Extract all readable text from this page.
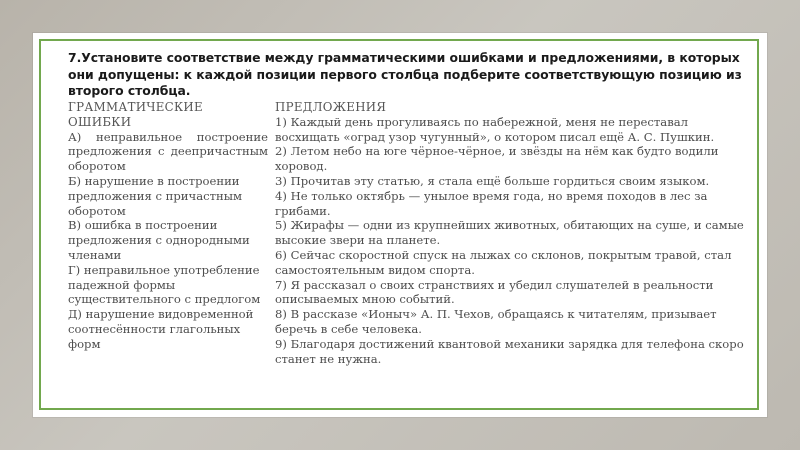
7.Установите соответствие между грамматическими ошибками и предложениями, в которых они допущены: к каждой позиции первого столбца подберите соответствующую позицию из второго столбца.

ГРАММАТИЧЕСКИЕ ОШИБКИ
А) неправильное построение предложения с деепричастным оборотом
Б) нарушение в построении предложения с причастным оборотом
В) ошибка в построении предложения с однородными членами
Г) неправильное употребление падежной формы существительного с предлогом
Д) нарушение видовременной соотнесённости глагольных форм
ПРЕДЛОЖЕНИЯ
1) Каждый день прогуливаясь по набережной, меня не переставал восхищать «оград узор чугунный», о котором писал ещё А. С. Пушкин.
2) Летом небо на юге чёрное-чёрное, и звёзды на нём как будто водили хоровод.
3) Прочитав эту статью, я стала ещё больше гордиться своим языком.
4) Не только октябрь — унылое время года, но время походов в лес за грибами.
5) Жирафы — одни из крупнейших животных, обитающих на суше, и самые высокие звери на планете.
6) Сейчас скоростной спуск на лыжах со склонов, покрытым травой, стал самостоятельным видом спорта.
7) Я рассказал о своих странствиях и убедил слушателей в реальности описываемых мною событий.
8) В рассказе «Ионыч» А. П. Чехов, обращаясь к читателям, призывает беречь в себе человека.
9) Благодаря достижений квантовой механики зарядка для телефона скоро станет не нужна.
